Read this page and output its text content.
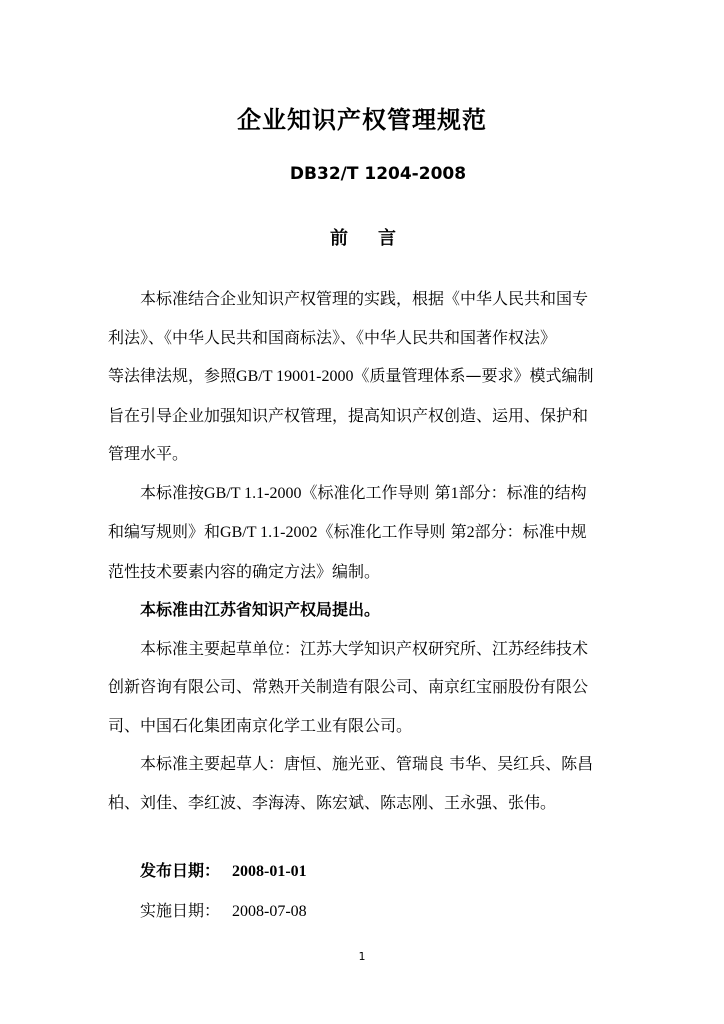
企业知识产权管理规范
DB32/T 1204-2008
前言

本标准结合企业知识产权管理的实践，根据《中华人民共和国专
利法》、《中华人民共和国商标法》、《中华人民共和国著作权法》
等法律法规，参照GB/T 19001-2000《质量管理体系—要求》模式编制
旨在引导企业加强知识产权管理，提高知识产权创造、运用、保护和
管理水平。

本标准按GB/T 1.1-2000《标准化工作导则 第1部分：标准的结构
和编写规则》和GB/T 1.1-2002《标准化工作导则 第2部分：标准中规
范性技术要素内容的确定方法》编制。

本标准由江苏省知识产权局提出。

本标准主要起草单位：江苏大学知识产权研究所、江苏经纬技术
创新咨询有限公司、常熟开关制造有限公司、南京红宝丽股份有限公
司、中国石化集团南京化学工业有限公司。

本标准主要起草人：唐恒、施光亚、管瑞良 韦华、吴红兵、陈昌
柏、刘佳、李红波、李海涛、陈宏斌、陈志刚、王永强、张伟。

发布日期： 2008-01-01
实施日期： 2008-07-08
1
